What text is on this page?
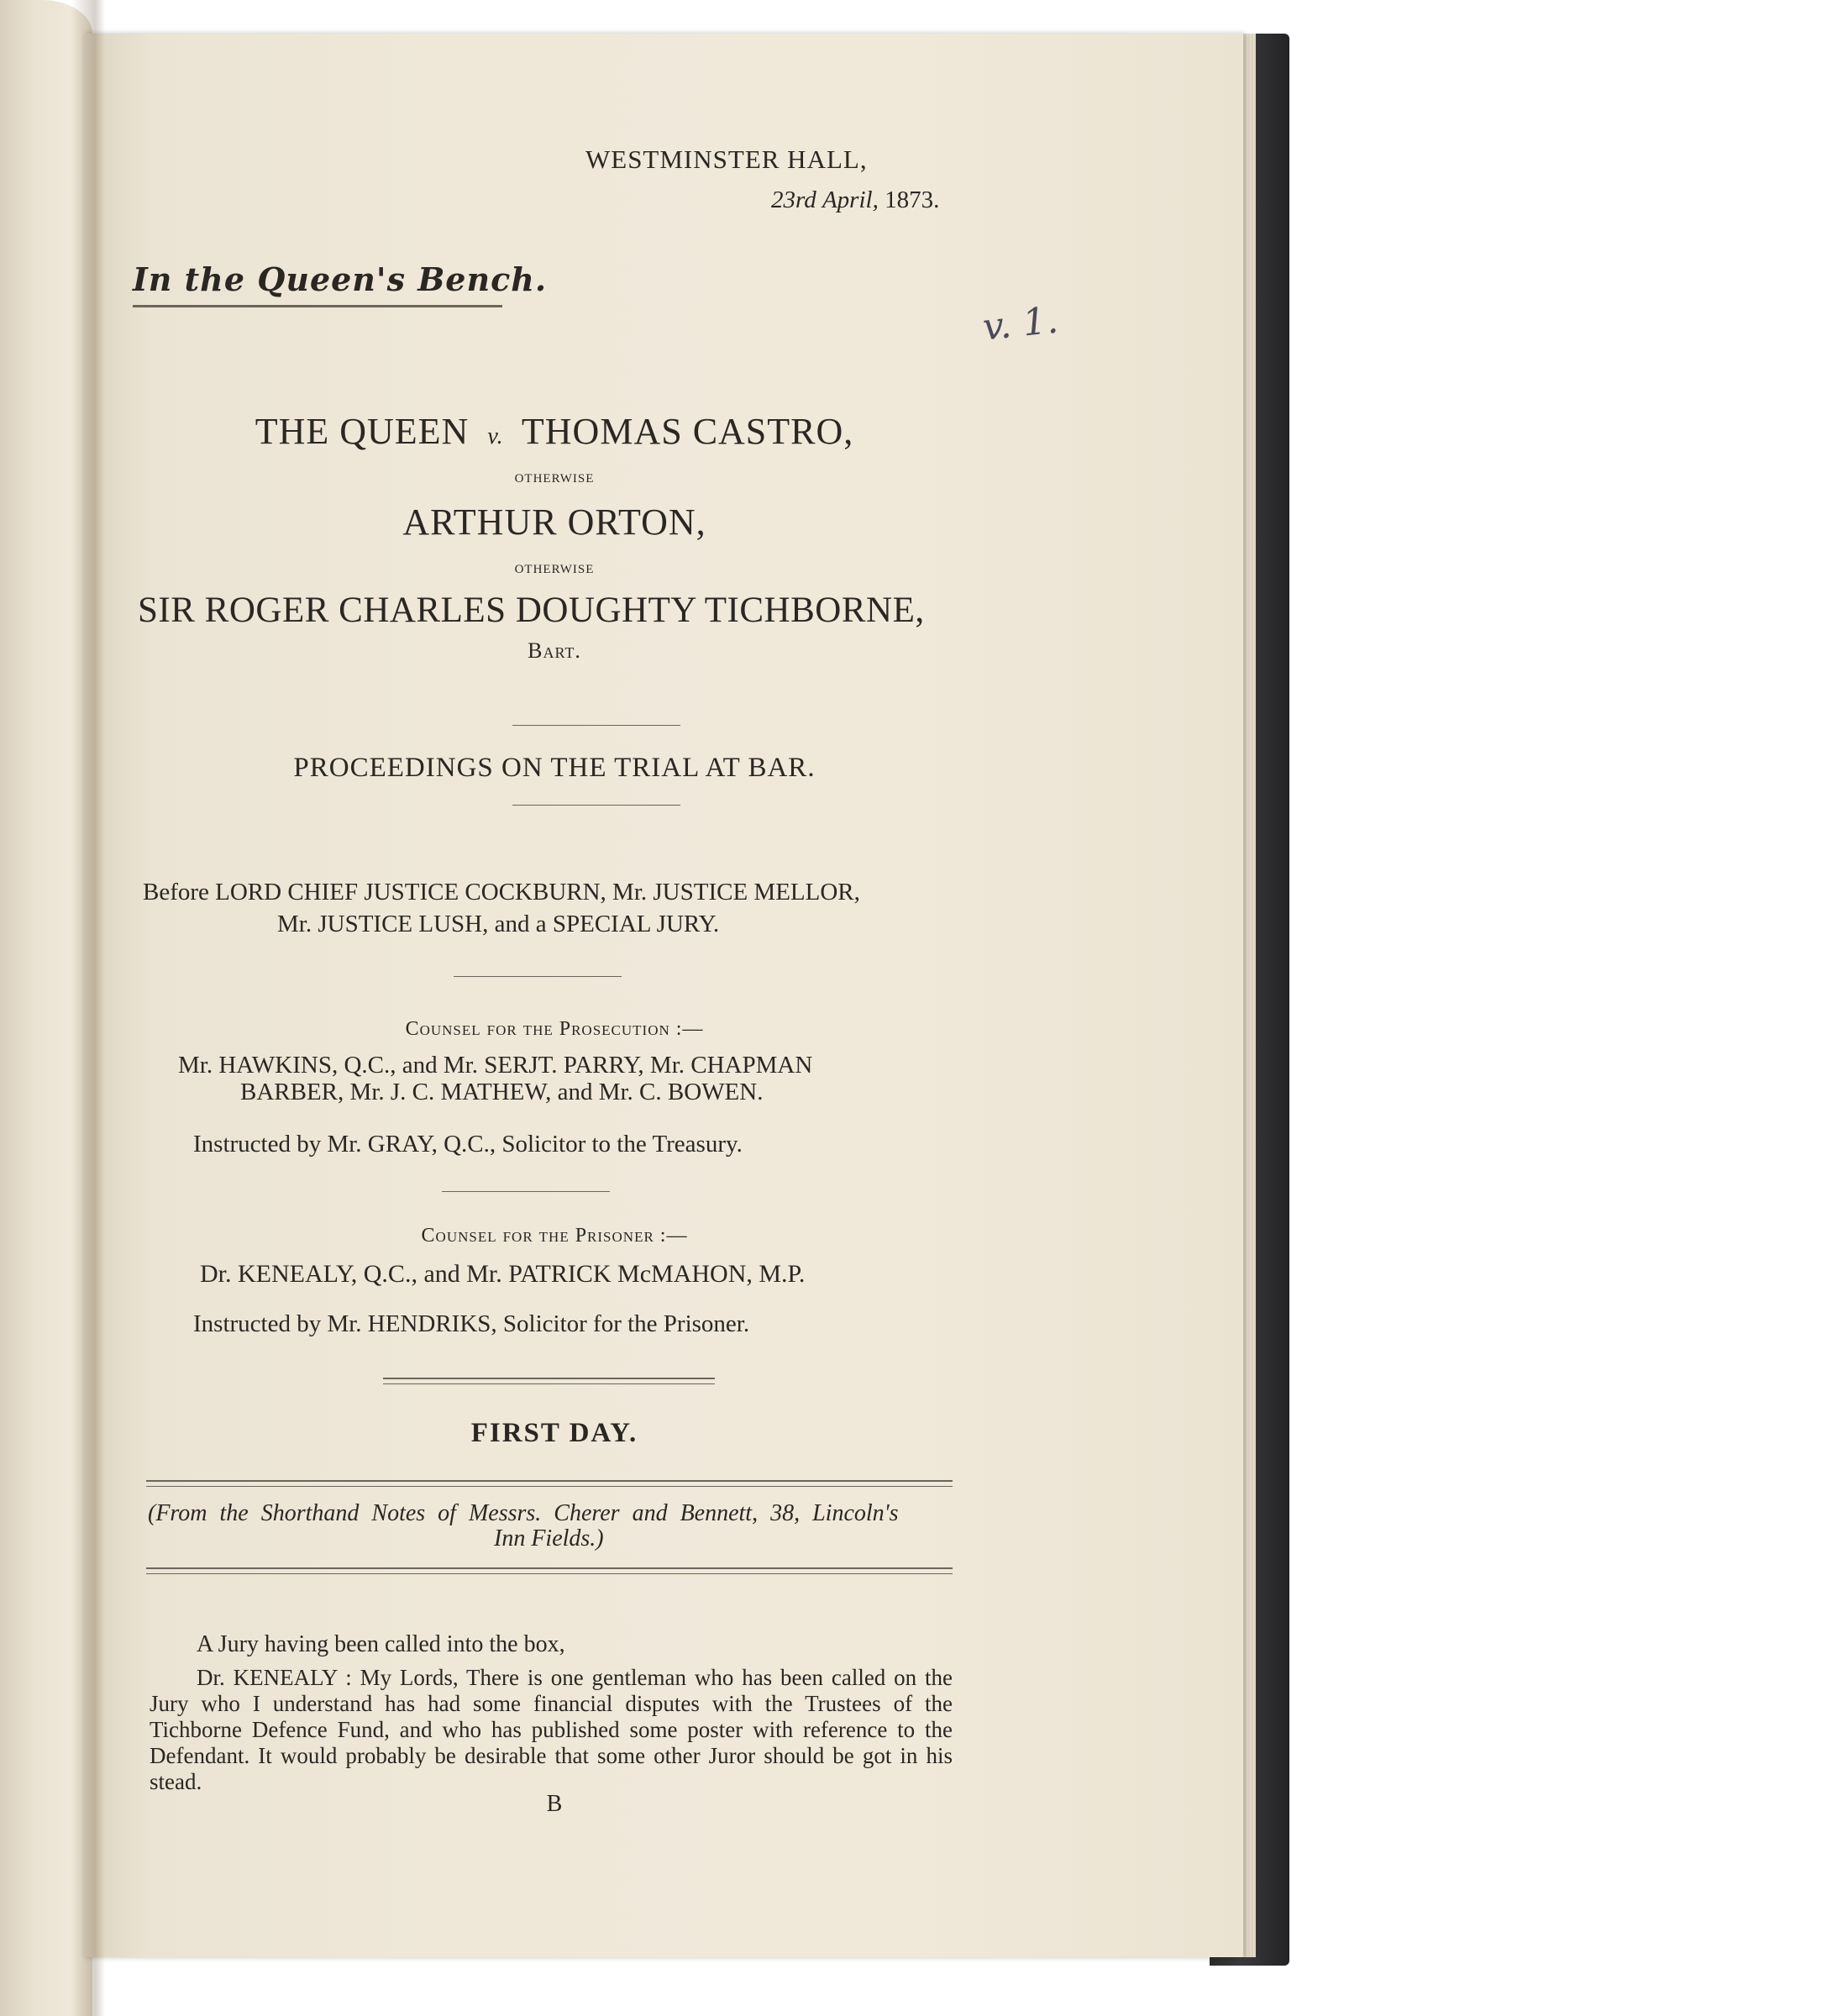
WESTMINSTER HALL,
23rd April, 1873.
In the Queen's Bench.
v. 1.
THE QUEEN v. THOMAS CASTRO,
OTHERWISE
ARTHUR ORTON,
OTHERWISE
SIR ROGER CHARLES DOUGHTY TICHBORNE,
Bart.
PROCEEDINGS ON THE TRIAL AT BAR.
Before LORD CHIEF JUSTICE COCKBURN, Mr. JUSTICE MELLOR,
Mr. JUSTICE LUSH, and a SPECIAL JURY.
Counsel for the Prosecution :—
Mr. HAWKINS, Q.C., and Mr. SERJT. PARRY, Mr. CHAPMAN
BARBER, Mr. J. C. MATHEW, and Mr. C. BOWEN.
Instructed by Mr. GRAY, Q.C., Solicitor to the Treasury.
Counsel for the Prisoner :—
Dr. KENEALY, Q.C., and Mr. PATRICK McMAHON, M.P.
Instructed by Mr. HENDRIKS, Solicitor for the Prisoner.
FIRST DAY.
(From the Shorthand Notes of Messrs. Cherer and Bennett, 38, Lincoln's
Inn Fields.)
A Jury having been called into the box,
Dr. KENEALY : My Lords, There is one gentleman who has been called on the Jury who I understand has had some financial disputes with the Trustees of the Tichborne Defence Fund, and who has published some poster with reference to the Defendant. It would probably be desirable that some other Juror should be got in his stead.
B
